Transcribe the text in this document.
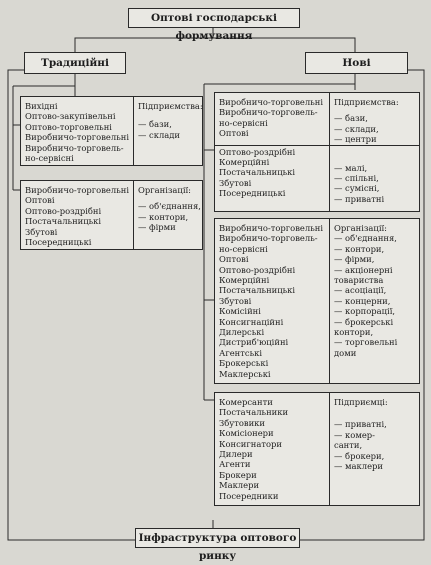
Оптові господарські формування
Традиційні	Нові
Вихідні
Оптово-закупівельні
Оптово-торговельні
Виробничо-торговельні
Виробничо-торговель-
но-сервісні
Підприємства:
— бази,
— склади
Виробничо-торговельні
Оптові
Оптово-роздрібні
Постачальницькі
Збутові
Посередницькі
Організації:
— об'єднання,
— контори,
— фірми
Виробничо-торговельні
Виробничо-торговель-
но-сервісні
Оптові
Оптово-роздрібні
Комерційні
Постачальницькі
Збутові
Посередницькі
Підприємства:
— бази,
— склади,
— центри
— малі,
— спільні,
— сумісні,
— приватні
Виробничо-торговельні
Виробничо-торговель-
но-сервісні
Оптові
Оптово-роздрібні
Комерційні
Постачальницькі
Збутові
Комісійні
Консигнаційні
Дилерські
Дистриб'юційні
Агентські
Брокерські
Маклерські
Організації:
— об'єднання,
— контори,
— фірми,
— акціонерні
товариства
— асоціації,
— концерни,
— корпорації,
— брокерські
контори,
— торговельні
доми
Комерсанти
Постачальники
Збутовики
Комісіонери
Консигнатори
Дилери
Агенти
Брокери
Маклери
Посередники
Підприємці:
— приватні,
— комер-
санти,
— брокери,
— маклери
Інфраструктура оптового ринку
